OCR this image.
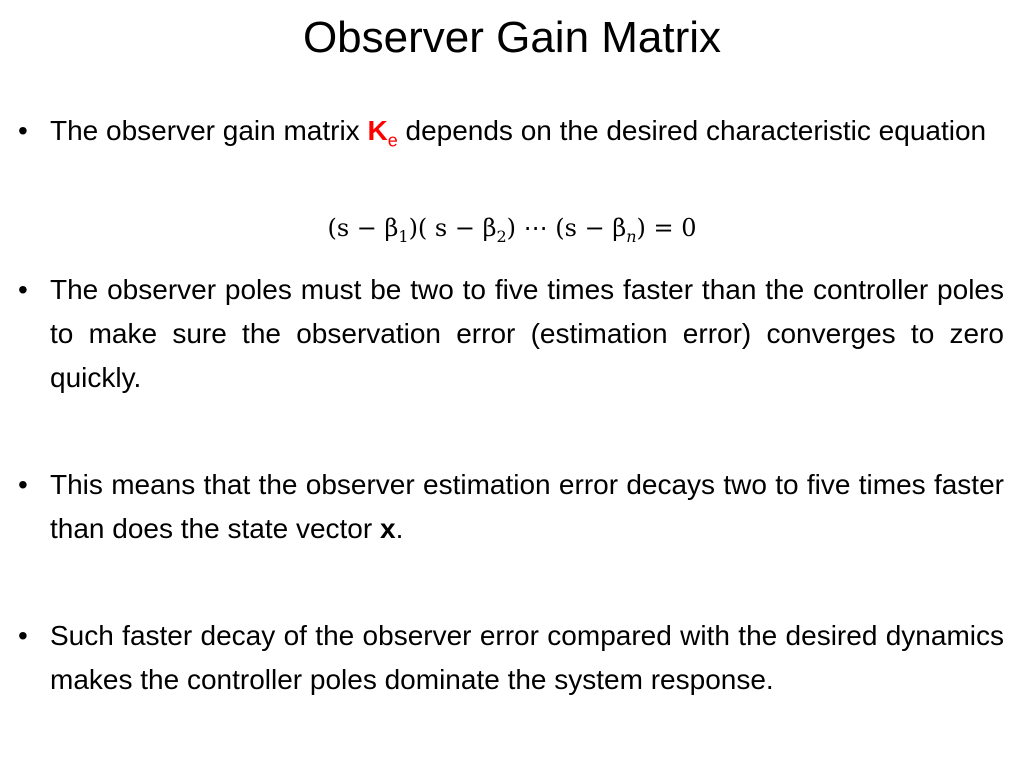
Observer Gain Matrix
• The observer gain matrix $K_e$ depends on the desired characteristic equation
$(s - \beta_1)$( $s - \beta_2$) ⋯ $(s - \beta_n) = 0$
• The observer poles must be two to five times faster than the controller poles to make sure the observation error (estimation error) converges to zero quickly.
• This means that the observer estimation error decays two to five times faster than does the state vector x.
• Such faster decay of the observer error compared with the desired dynamics makes the controller poles dominate the system response.
